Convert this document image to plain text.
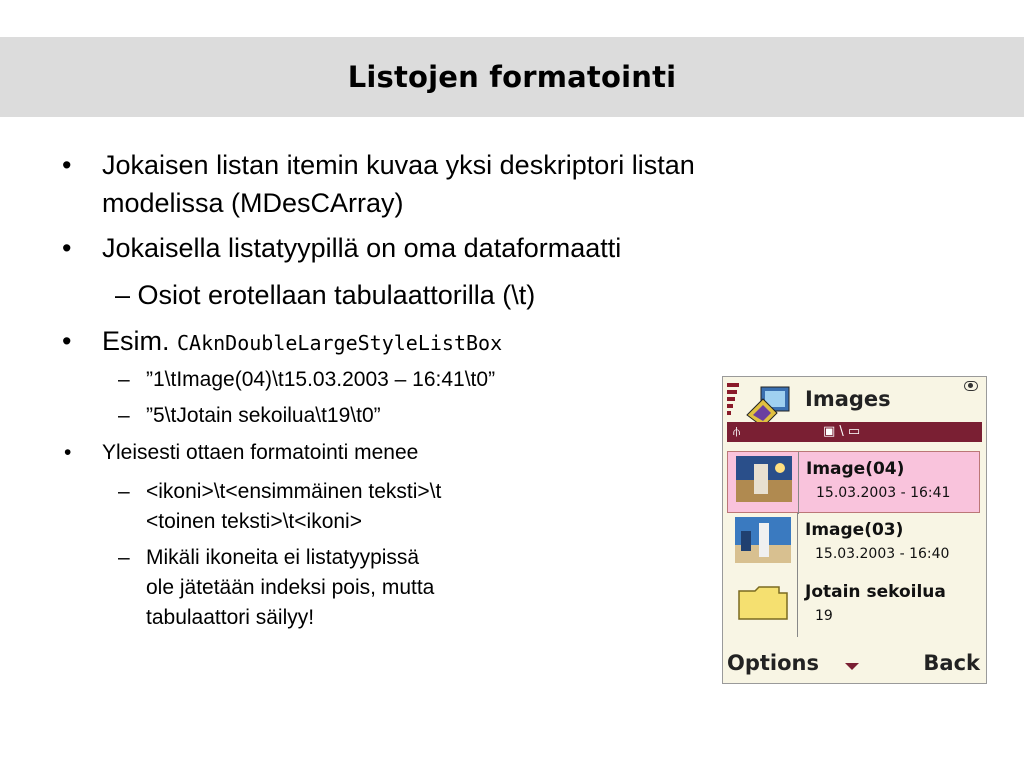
Listojen formatointi
• Jokaisen listan itemin kuvaa yksi deskriptori listan
modelissa (MDesCArray)
• Jokaisella listatyypillä on oma dataformaatti
– Osiot erotellaan tabulaattorilla (\t)
• Esim. CAknDoubleLargeStyleListBox
– ”1\tImage(04)\t15.03.2003 – 16:41\t0”
– ”5\tJotain sekoilua\t19\t0”
• Yleisesti ottaen formatointi menee
– <ikoni>\t<ensimmäinen teksti>\t
<toinen teksti>\t<ikoni>
– Mikäli ikoneita ei listatyypissä
ole jätetään indeksi pois, mutta
tabulaattori säilyy!
Images
⫛	▣ \ ▭
Image(04)
15.03.2003 - 16:41
Image(03)
15.03.2003 - 16:40
Jotain sekoilua
19
Options	Back
